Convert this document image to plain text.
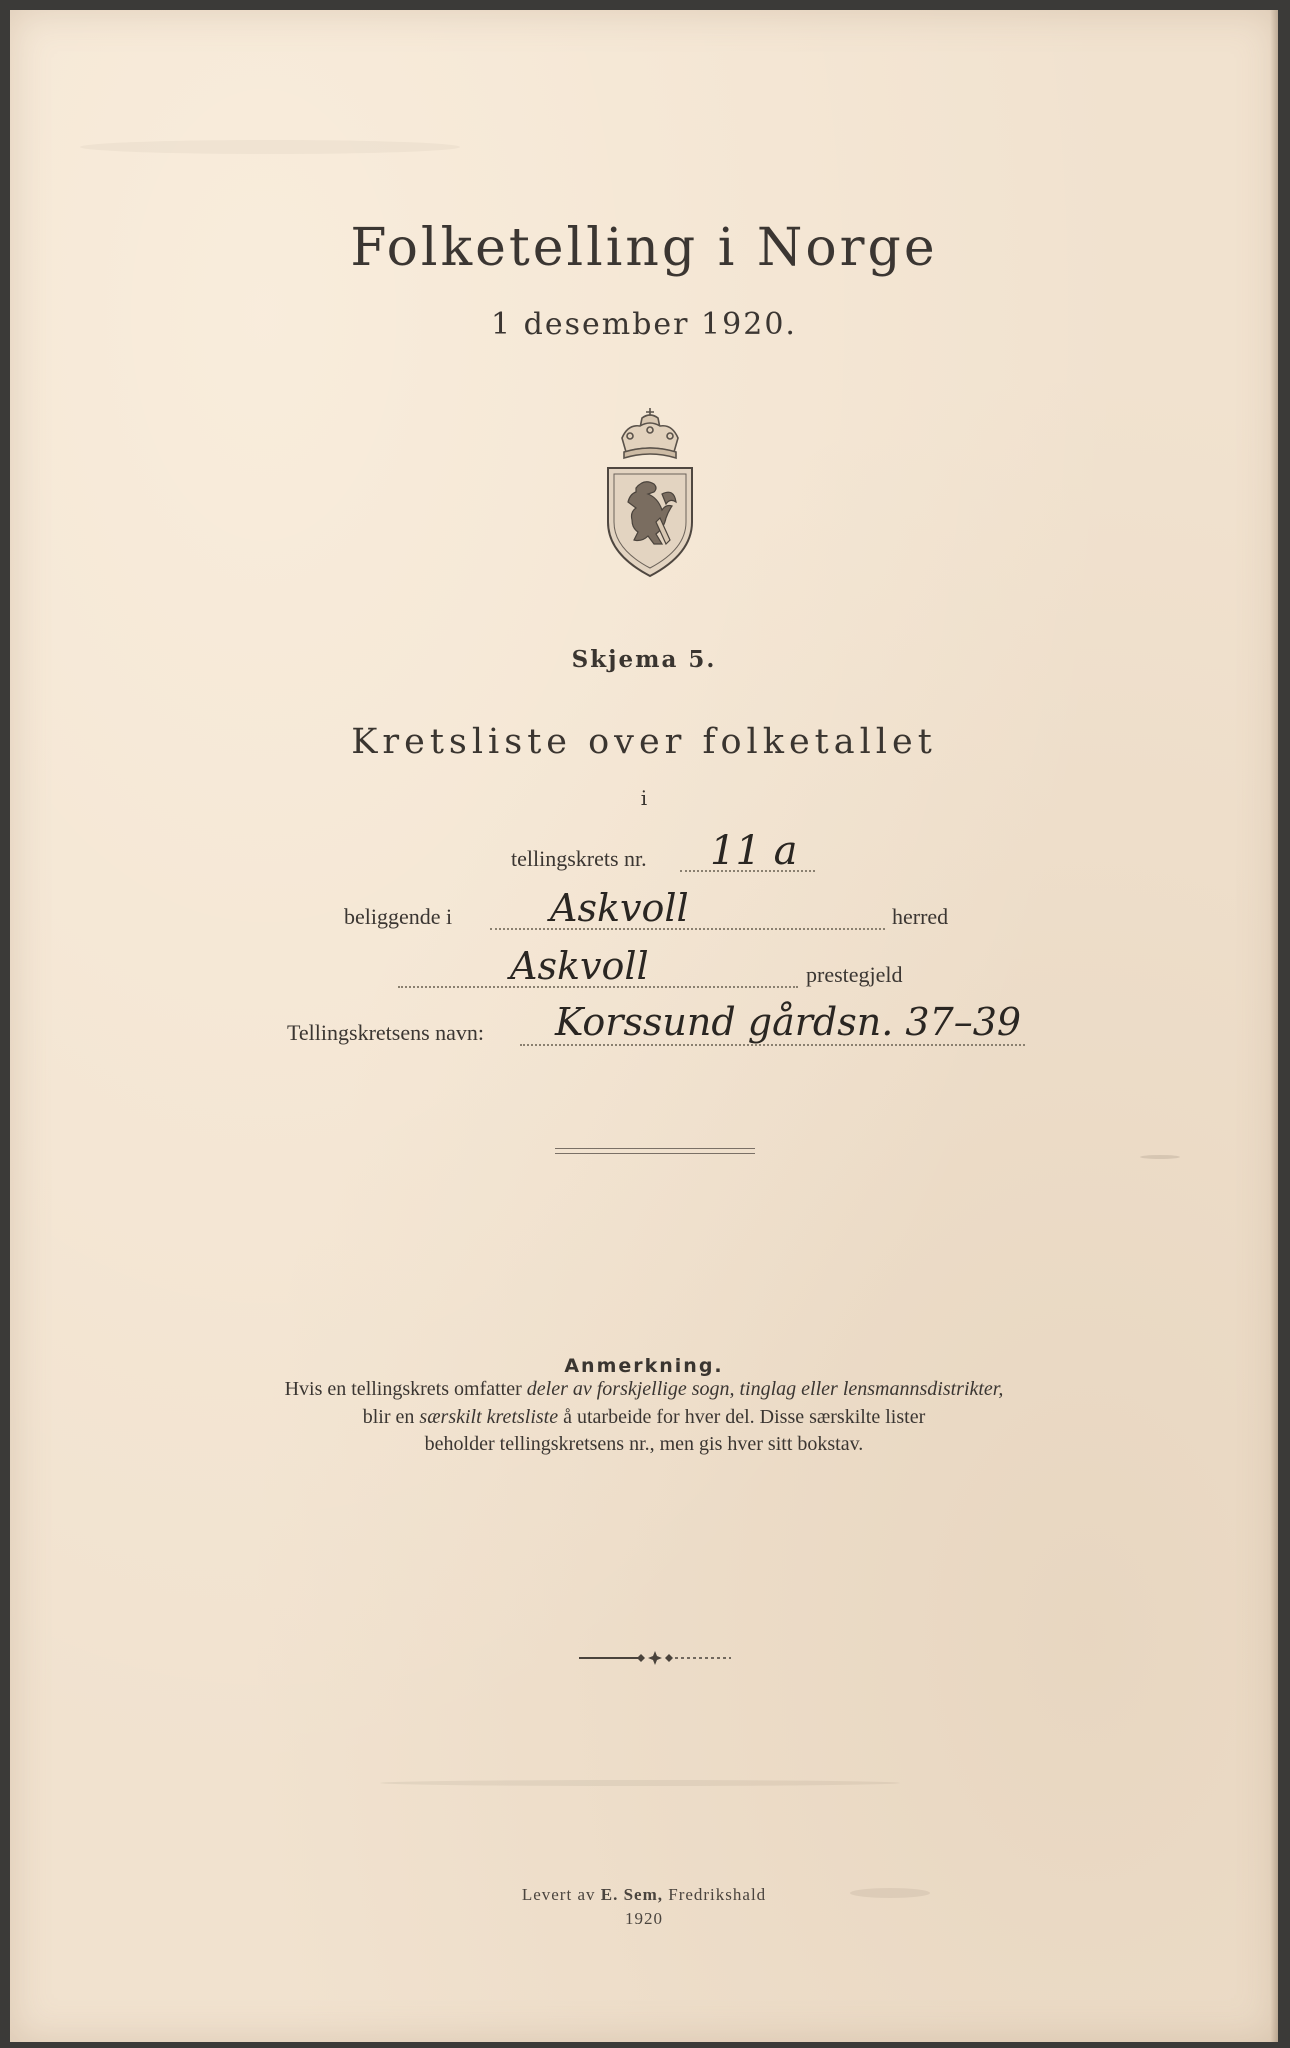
Folketelling i Norge
1 desember 1920.
Skjema 5.
Kretsliste over folketallet
i
tellingskrets nr. 11 a
beliggende i	Askvoll	herred
Askvoll	prestegjeld
Tellingskretsens navn: Korssund gårdsn. 37–39
Anmerkning.
Hvis en tellingskrets omfatter deler av forskjellige sogn, tinglag eller lensmannsdistrikter,
blir en særskilt kretsliste å utarbeide for hver del. Disse særskilte lister
beholder tellingskretsens nr., men gis hver sitt bokstav.
Levert av E. Sem, Fredrikshald
1920
